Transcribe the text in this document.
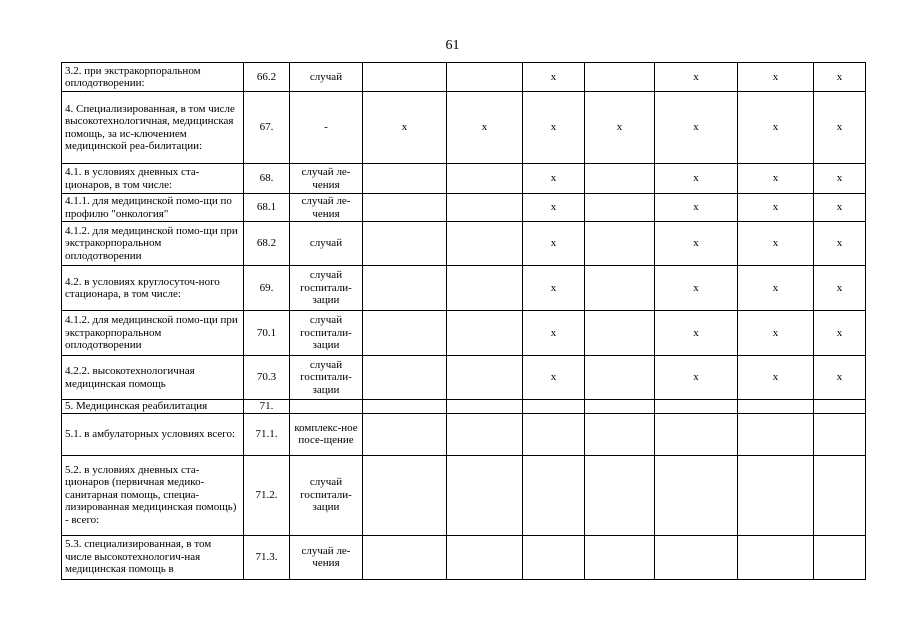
61
3.2. при экстракорпоральном оплодотворении:	66.2	случай			x		x	x	x
4. Специализированная, в том числе высокотехнологичная, медицинская помощь, за ис-ключением медицинской реа-билитации:	67.	-	x	x	x	x	x	x	x
4.1. в условиях дневных ста-ционаров, в том числе:	68.	случай ле-чения			x		x	x	x
4.1.1. для медицинской помо-щи по профилю "онкология"	68.1	случай ле-чения			x		x	x	x
4.1.2. для медицинской помо-щи при экстракорпоральном оплодотворении	68.2	случай			x		x	x	x
4.2. в условиях круглосуточ-ного стационара, в том числе:	69.	случай госпитали-зации			x		x	x	x
4.1.2. для медицинской помо-щи при экстракорпоральном оплодотворении	70.1	случай госпитали-зации			x		x	x	x
4.2.2. высокотехнологичная медицинская помощь	70.3	случай госпитали-зации			x		x	x	x
5. Медицинская реабилитация	71.								
5.1. в амбулаторных условиях всего:	71.1.	комплекс-ное посе-щение							
5.2. в условиях дневных ста-ционаров (первичная медико-санитарная помощь, специа-лизированная медицинская помощь) - всего:	71.2.	случай госпитали-зации							
5.3. специализированная, в том числе высокотехнологич-ная медицинская помощь в	71.3.	случай ле-чения							
